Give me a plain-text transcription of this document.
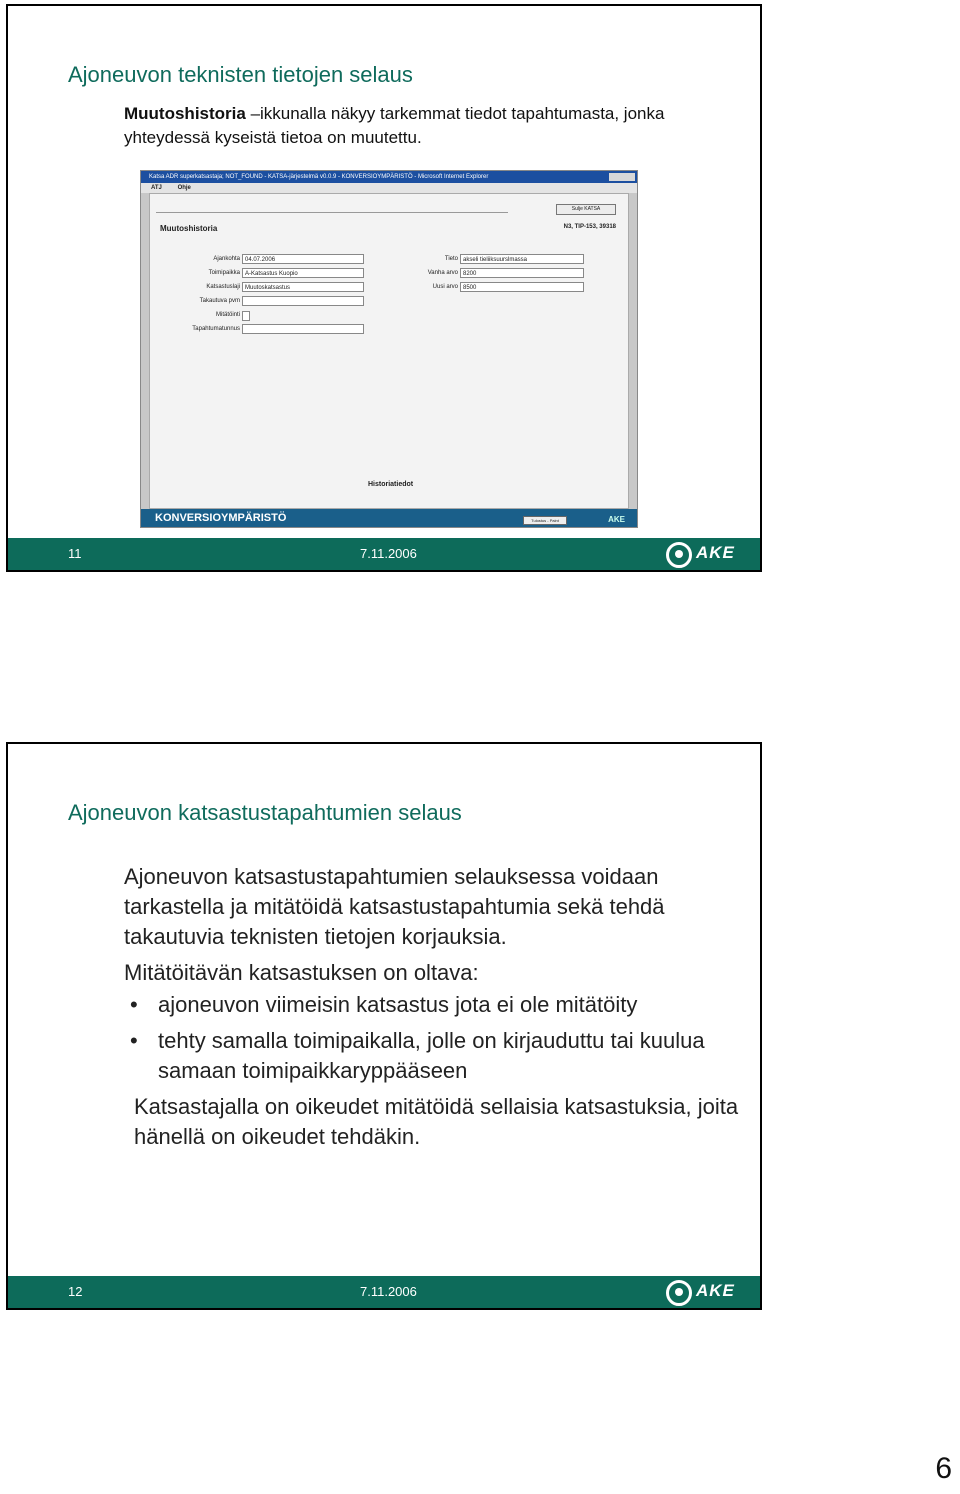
Ajoneuvon teknisten tietojen selaus
Muutoshistoria –ikkunalla näkyy tarkemmat tiedot tapahtumasta, jonka yhteydessä kyseistä tietoa on muutettu.
Katsa ADR superkatsastaja; NOT_FOUND - KATSA-järjestelmä v0.0.9 - KONVERSIOYMPÄRISTÖ - Microsoft Internet Explorer
ATJ	Ohje
Sulje KATSA
Muutoshistoria	N3, TIP-153, 39318
Ajankohta 04.07.2006
Toimipaikka A-Katsastus Kuopio
Katsastuslaji Muutoskatsastus
Takautuva pvm
Mitätöinti
Tapahtumatunnus
Tieto akseli tieliiksuurslmassa
Vanha arvo 8200
Uusi arvo 8500
Historiatiedot
KONVERSIOYMPÄRISTÖ	Tulostus - Paint	AKE
11	7.11.2006	AKE
Ajoneuvon katsastustapahtumien selaus

Ajoneuvon katsastustapahtumien selauksessa voidaan tarkastella ja mitätöidä katsastustapahtumia sekä tehdä takautuvia teknisten tietojen korjauksia.

Mitätöitävän katsastuksen on oltava:

• ajoneuvon viimeisin katsastus jota ei ole mitätöity
• tehty samalla toimipaikalla, jolle on kirjauduttu tai kuulua samaan toimipaikkaryppääseen

Katsastajalla on oikeudet mitätöidä sellaisia katsastuksia, joita hänellä on oikeudet tehdäkin.

12	7.11.2006	AKE
6
